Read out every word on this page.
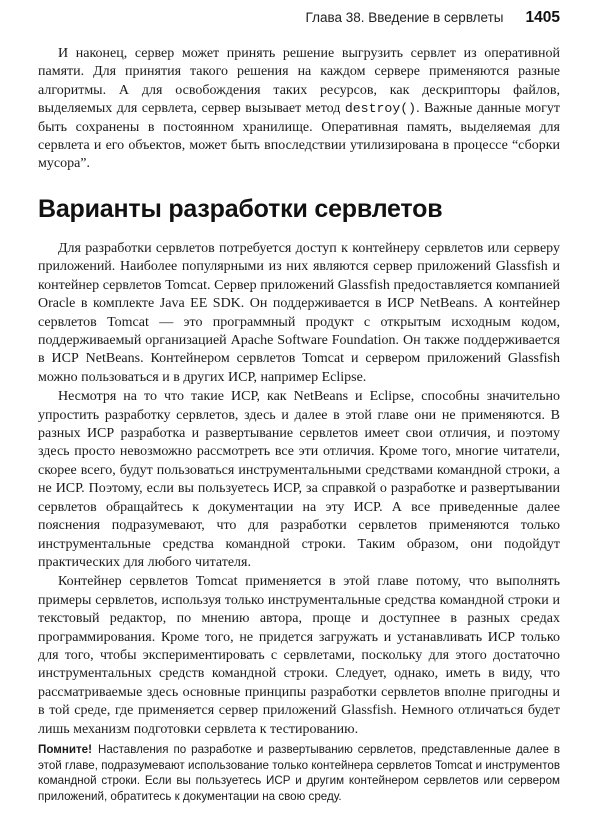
Глава 38. Введение в сервлеты 1405

И наконец, сервер может принять решение выгрузить сервлет из оперативной памяти. Для принятия такого решения на каждом сервере применяются разные алгоритмы. А для освобождения таких ресурсов, как дескрипторы файлов, выделяемых для сервлета, сервер вызывает метод destroy(). Важные данные могут быть сохранены в постоянном хранилище. Оперативная память, выделяемая для сервлета и его объектов, может быть впоследствии утилизирована в процессе “сборки мусора”.

Варианты разработки сервлетов

Для разработки сервлетов потребуется доступ к контейнеру сервлетов или серверу приложений. Наиболее популярными из них являются сервер приложений Glassfish и контейнер сервлетов Tomcat. Сервер приложений Glassfish предоставляется компанией Oracle в комплекте Java EE SDK. Он поддерживается в ИСР NetBeans. А контейнер сервлетов Tomcat — это программный продукт с открытым исходным кодом, поддерживаемый организацией Apache Software Foundation. Он также поддерживается в ИСР NetBeans. Контейнером сервлетов Tomcat и сервером приложений Glassfish можно пользоваться и в других ИСР, например Eclipse.

Несмотря на то что такие ИСР, как NetBeans и Eclipse, способны значительно упростить разработку сервлетов, здесь и далее в этой главе они не применяются. В разных ИСР разработка и развертывание сервлетов имеет свои отличия, и поэтому здесь просто невозможно рассмотреть все эти отличия. Кроме того, многие читатели, скорее всего, будут пользоваться инструментальными средствами командной строки, а не ИСР. Поэтому, если вы пользуетесь ИСР, за справкой о разработке и развертывании сервлетов обращайтесь к документации на эту ИСР. А все приведенные далее пояснения подразумевают, что для разработки сервлетов применяются только инструментальные средства командной строки. Таким образом, они подойдут практических для любого читателя.

Контейнер сервлетов Tomcat применяется в этой главе потому, что выполнять примеры сервлетов, используя только инструментальные средства командной строки и текстовый редактор, по мнению автора, проще и доступнее в разных средах программирования. Кроме того, не придется загружать и устанавливать ИСР только для того, чтобы экспериментировать с сервлетами, поскольку для этого достаточно инструментальных средств командной строки. Следует, однако, иметь в виду, что рассматриваемые здесь основные принципы разработки сервлетов вполне пригодны и в той среде, где применяется сервер приложений Glassfish. Немного отличаться будет лишь механизм подготовки сервлета к тестированию.

Помните! Наставления по разработке и развертыванию сервлетов, представленные далее в этой главе, подразумевают использование только контейнера сервлетов Tomcat и инструментов командной строки. Если вы пользуетесь ИСР и другим контейнером сервлетов или сервером приложений, обратитесь к документации на свою среду.
